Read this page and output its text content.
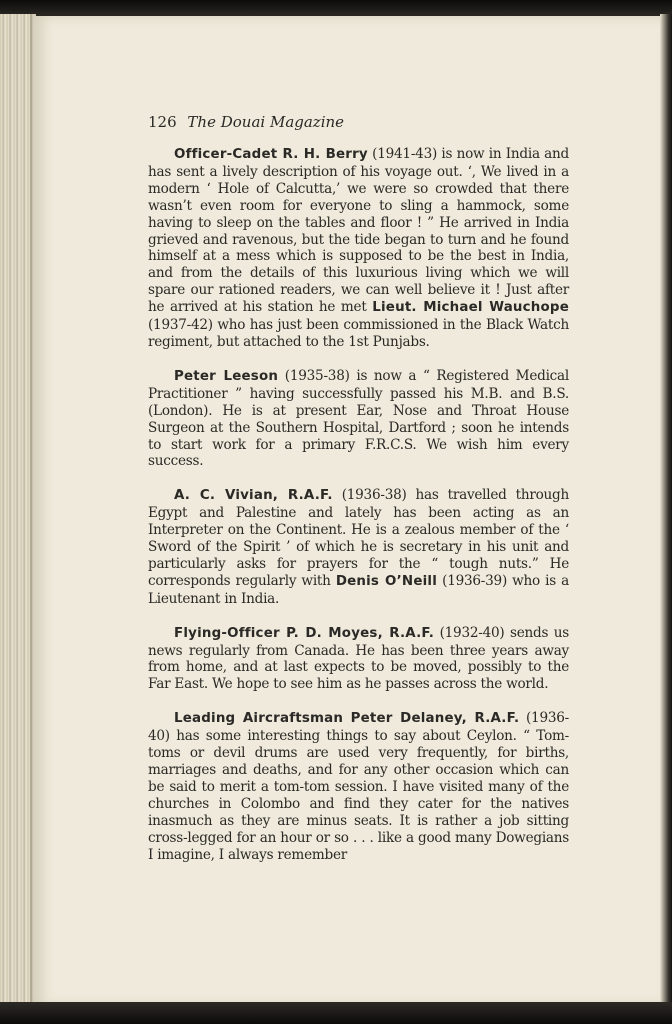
126 The Douai Magazine

Officer-Cadet R. H. Berry (1941-43) is now in India and has sent a lively description of his voyage out. ‘, We lived in a modern ‘ Hole of Calcutta,’ we were so crowded that there wasn’t even room for everyone to sling a hammock, some having to sleep on the tables and floor ! ” He arrived in India grieved and ravenous, but the tide began to turn and he found himself at a mess which is supposed to be the best in India, and from the details of this luxurious living which we will spare our rationed readers, we can well believe it ! Just after he arrived at his station he met Lieut. Michael Wauchope (1937-42) who has just been commissioned in the Black Watch regiment, but attached to the 1st Punjabs.

Peter Leeson (1935-38) is now a “ Registered Medical Practitioner ” having successfully passed his M.B. and B.S. (London). He is at present Ear, Nose and Throat House Surgeon at the Southern Hospital, Dartford ; soon he intends to start work for a primary F.R.C.S. We wish him every success.

A. C. Vivian, R.A.F. (1936-38) has travelled through Egypt and Palestine and lately has been acting as an Interpreter on the Continent. He is a zealous member of the ‘ Sword of the Spirit ’ of which he is secretary in his unit and particularly asks for prayers for the “ tough nuts.” He corresponds regularly with Denis O’Neill (1936-39) who is a Lieutenant in India.

Flying-Officer P. D. Moyes, R.A.F. (1932-40) sends us news regularly from Canada. He has been three years away from home, and at last expects to be moved, possibly to the Far East. We hope to see him as he passes across the world.

Leading Aircraftsman Peter Delaney, R.A.F. (1936-40) has some interesting things to say about Ceylon. “ Tom-toms or devil drums are used very frequently, for births, marriages and deaths, and for any other occasion which can be said to merit a tom-tom session. I have visited many of the churches in Colombo and find they cater for the natives inasmuch as they are minus seats. It is rather a job sitting cross-legged for an hour or so . . . like a good many Dowegians I imagine, I always remember
